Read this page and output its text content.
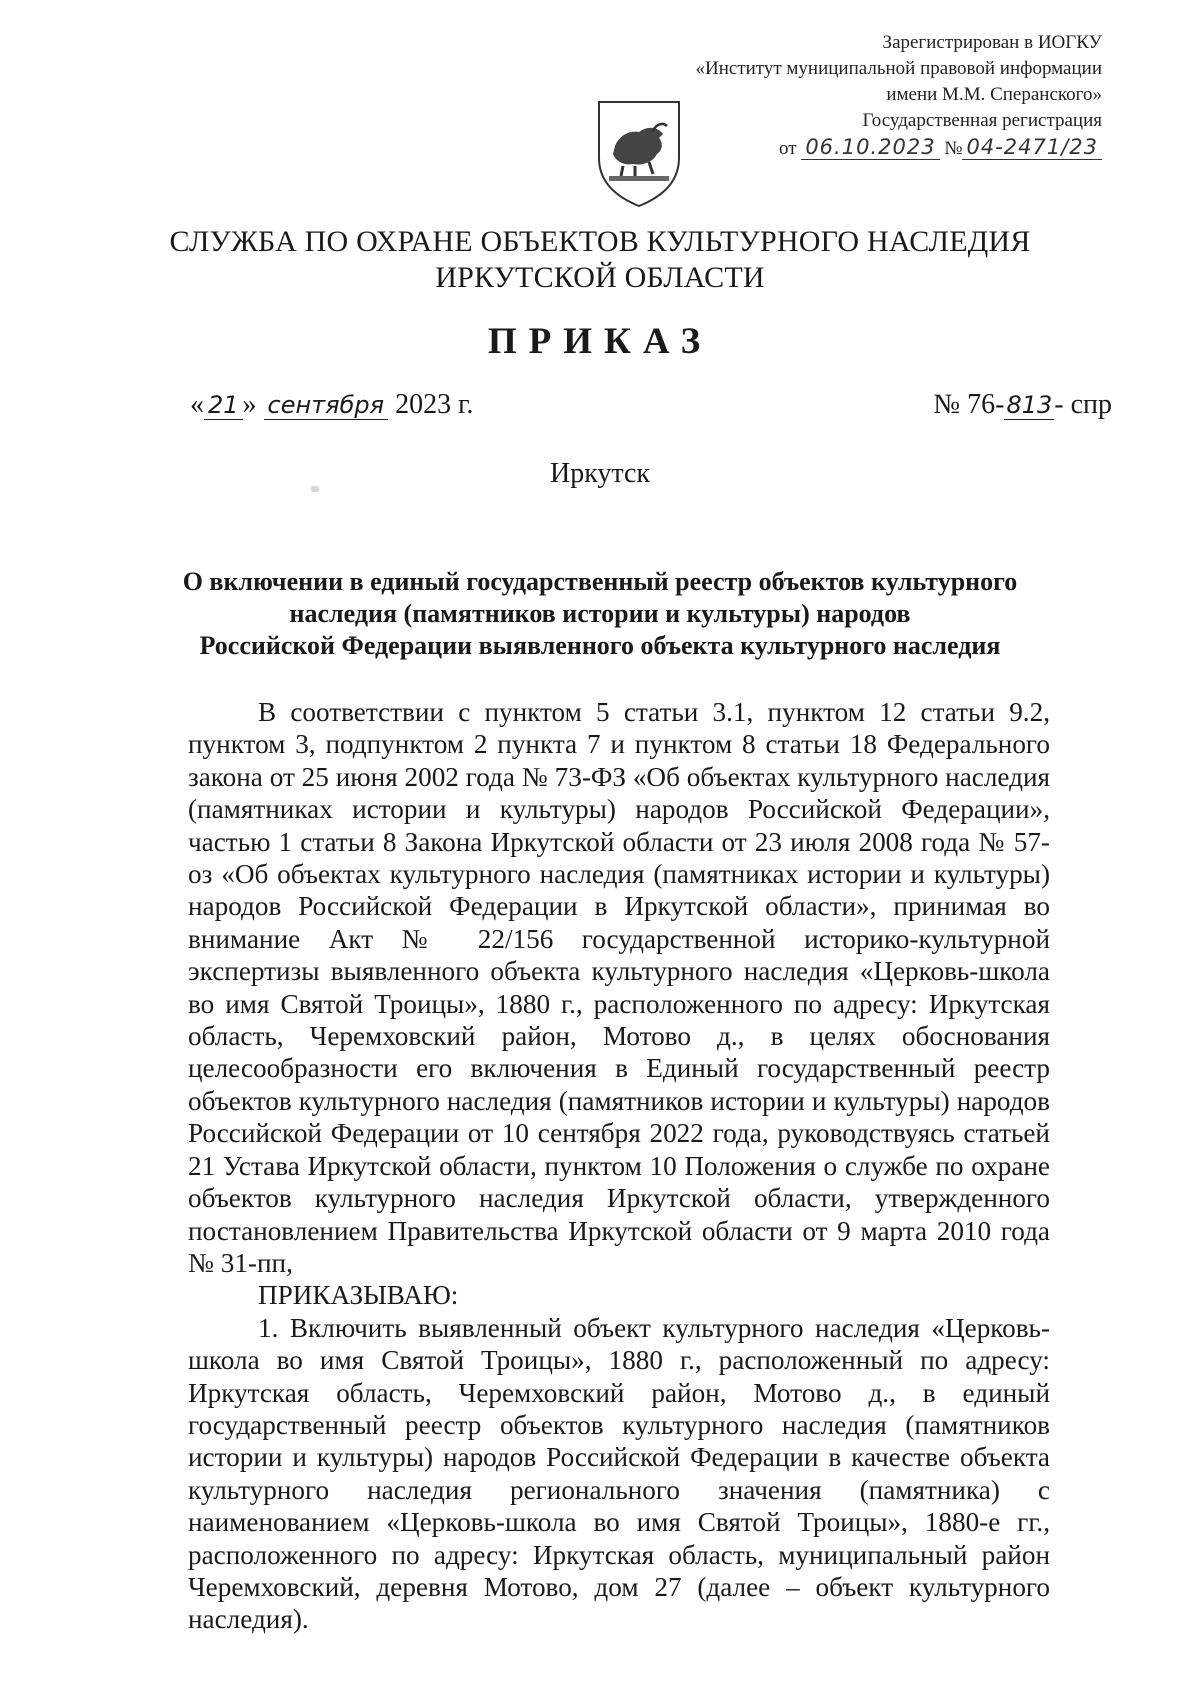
Зарегистрирован в ИОГКУ
«Институт муниципальной правовой информации
имени М.М. Сперанского»
Государственная регистрация
от 06.10.2023 № 04-2471/23
СЛУЖБА ПО ОХРАНЕ ОБЪЕКТОВ КУЛЬТУРНОГО НАСЛЕДИЯ
ИРКУТСКОЙ ОБЛАСТИ
ПРИКАЗ
« 21 » сентября 2023 г.	№ 76-813- спр
Иркутск
О включении в единый государственный реестр объектов культурного
наследия (памятников истории и культуры) народов
Российской Федерации выявленного объекта культурного наследия

В соответствии с пунктом 5 статьи 3.1, пунктом 12 статьи 9.2, пунктом 3, подпунктом 2 пункта 7 и пунктом 8 статьи 18 Федерального закона от 25 июня 2002 года № 73-ФЗ «Об объектах культурного наследия (памятниках истории и культуры) народов Российской Федерации», частью 1 статьи 8 Закона Иркутской области от 23 июля 2008 года № 57-оз «Об объектах культурного наследия (памятниках истории и культуры) народов Российской Федерации в Иркутской области», принимая во внимание Акт № 22/156 государственной историко-культурной экспертизы выявленного объекта культурного наследия «Церковь-школа во имя Святой Троицы», 1880 г., расположенного по адресу: Иркутская область, Черемховский район, Мотово д., в целях обоснования целесообразности его включения в Единый государственный реестр объектов культурного наследия (памятников истории и культуры) народов Российской Федерации от 10 сентября 2022 года, руководствуясь статьей 21 Устава Иркутской области, пунктом 10 Положения о службе по охране объектов культурного наследия Иркутской области, утвержденного постановлением Правительства Иркутской области от 9 марта 2010 года № 31-пп,

ПРИКАЗЫВАЮ:

1. Включить выявленный объект культурного наследия «Церковь-школа во имя Святой Троицы», 1880 г., расположенный по адресу: Иркутская область, Черемховский район, Мотово д., в единый государственный реестр объектов культурного наследия (памятников истории и культуры) народов Российской Федерации в качестве объекта культурного наследия регионального значения (памятника) с наименованием «Церковь-школа во имя Святой Троицы», 1880-е гг., расположенного по адресу: Иркутская область, муниципальный район Черемховский, деревня Мотово, дом 27 (далее – объект культурного наследия).
